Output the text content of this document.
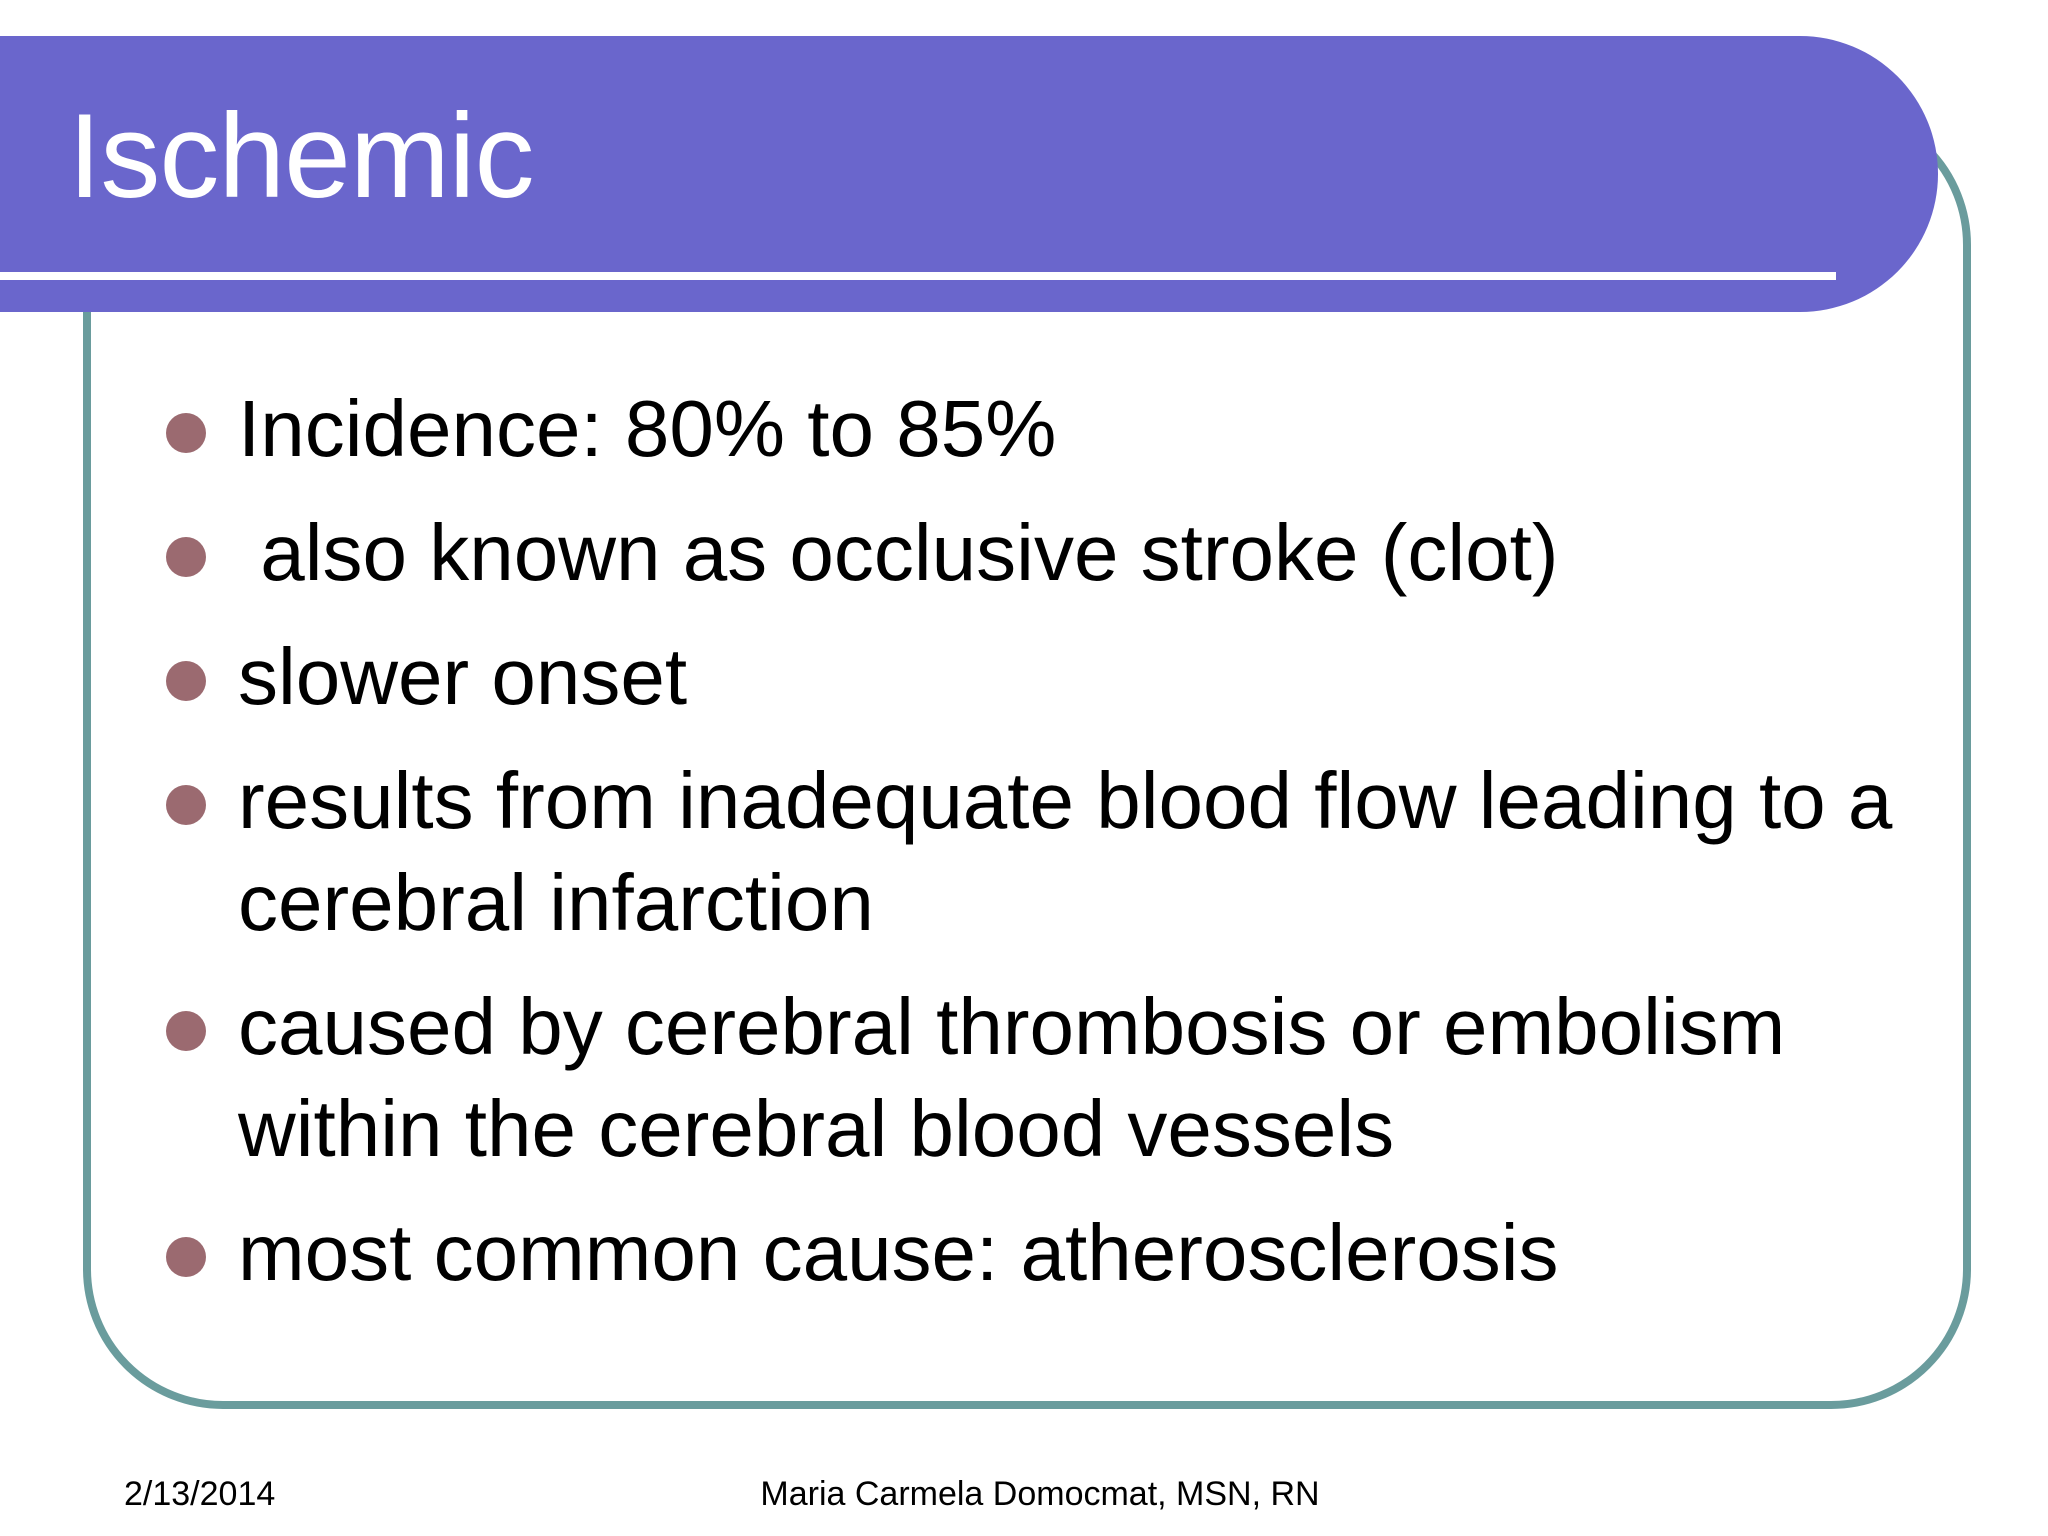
Ischemic
Incidence: 80% to 85%
also known as occlusive stroke (clot)
slower onset
results from inadequate blood flow leading to a cerebral infarction
caused by cerebral thrombosis or embolism within the cerebral blood vessels
most common cause: atherosclerosis
2/13/2014	Maria Carmela Domocmat, MSN, RN
